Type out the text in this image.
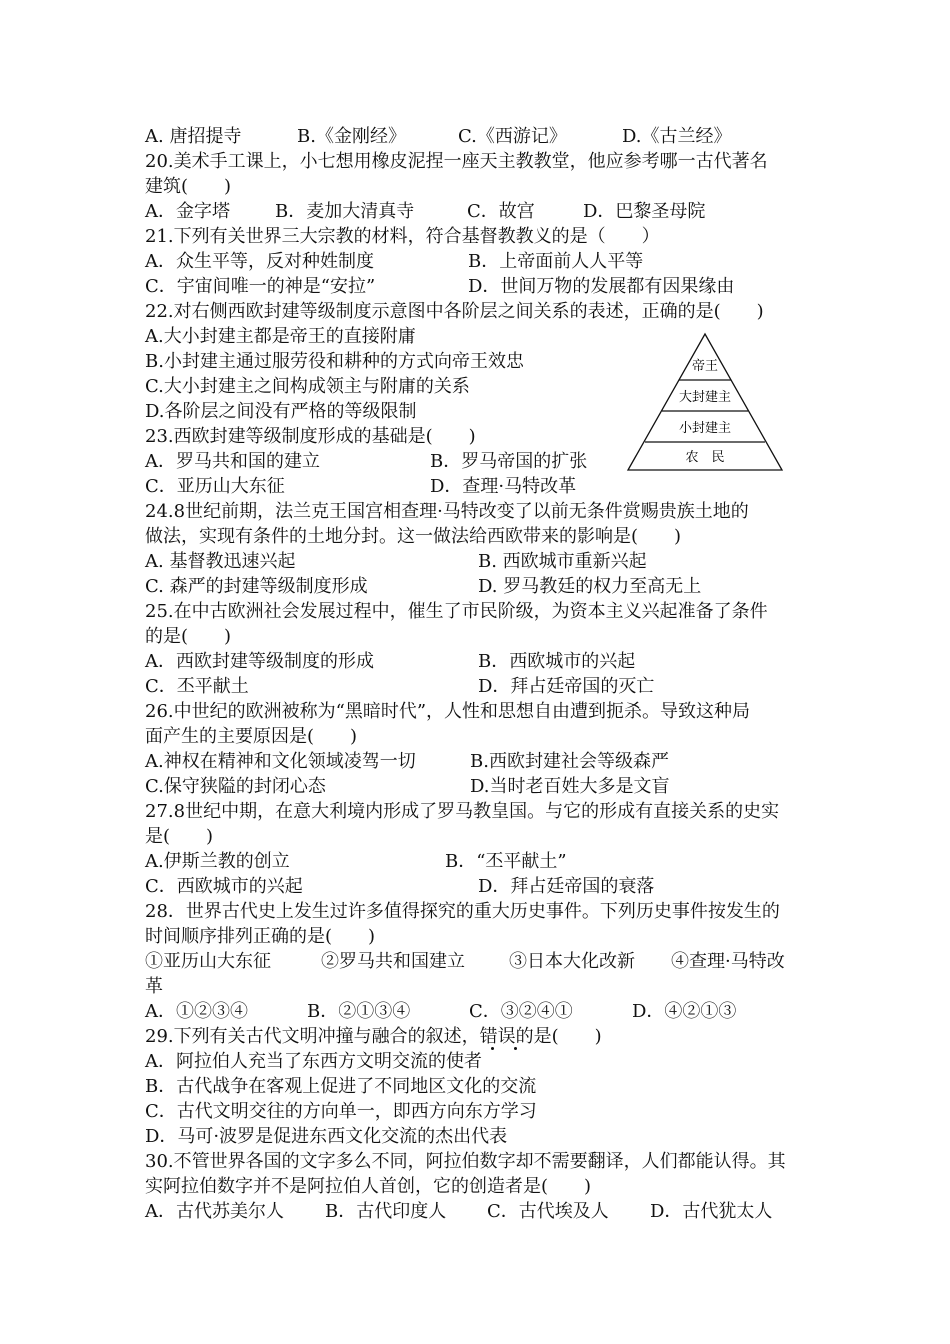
A. 唐招提寺	B.《金刚经》	C.《西游记》	D.《古兰经》
20.美术手工课上，小七想用橡皮泥捏一座天主教教堂，他应参考哪一古代著名
建筑(　　)
A．金字塔	B．麦加大清真寺	C．故宫	D．巴黎圣母院
21.下列有关世界三大宗教的材料，符合基督教教义的是（　　）
A．众生平等，反对种姓制度	B．上帝面前人人平等
C．宇宙间唯一的神是“安拉”	D．世间万物的发展都有因果缘由
22.对右侧西欧封建等级制度示意图中各阶层之间关系的表述，正确的是(　　)
A.大小封建主都是帝王的直接附庸
B.小封建主通过服劳役和耕种的方式向帝王效忠
C.大小封建主之间构成领主与附庸的关系
D.各阶层之间没有严格的等级限制
帝王
大封建主
小封建主
农　民
23.西欧封建等级制度形成的基础是(　　)
A．罗马共和国的建立	B．罗马帝国的扩张
C．亚历山大东征	D．查理·马特改革
24.8世纪前期，法兰克王国宫相查理·马特改变了以前无条件赏赐贵族土地的
做法，实现有条件的土地分封。这一做法给西欧带来的影响是(　　)
A. 基督教迅速兴起	B. 西欧城市重新兴起
C. 森严的封建等级制度形成	D. 罗马教廷的权力至高无上
25.在中古欧洲社会发展过程中，催生了市民阶级，为资本主义兴起准备了条件
的是(　　)
A．西欧封建等级制度的形成	B．西欧城市的兴起
C．丕平献土	D．拜占廷帝国的灭亡
26.中世纪的欧洲被称为“黑暗时代”，人性和思想自由遭到扼杀。导致这种局
面产生的主要原因是(　　)
A.神权在精神和文化领域凌驾一切	B.西欧封建社会等级森严
C.保守狭隘的封闭心态	D.当时老百姓大多是文盲
27.8世纪中期，在意大利境内形成了罗马教皇国。与它的形成有直接关系的史实
是(　　)
A.伊斯兰教的创立	B．“丕平献土”
C．西欧城市的兴起	D．拜占廷帝国的衰落
28．世界古代史上发生过许多值得探究的重大历史事件。下列历史事件按发生的
时间顺序排列正确的是(　　)
①亚历山大东征	②罗马共和国建立 ③日本大化改新 ④查理·马特改
革
A．①②③④	B．②①③④	C．③②④①	D．④②①③
29.下列有关古代文明冲撞与融合的叙述，错误的是(　　)
A．阿拉伯人充当了东西方文明交流的使者
B．古代战争在客观上促进了不同地区文化的交流
C．古代文明交往的方向单一，即西方向东方学习
D．马可·波罗是促进东西文化交流的杰出代表
30.不管世界各国的文字多么不同，阿拉伯数字却不需要翻译，人们都能认得。其
实阿拉伯数字并不是阿拉伯人首创，它的创造者是(　　)
A．古代苏美尔人 B．古代印度人 C．古代埃及人 D．古代犹太人
